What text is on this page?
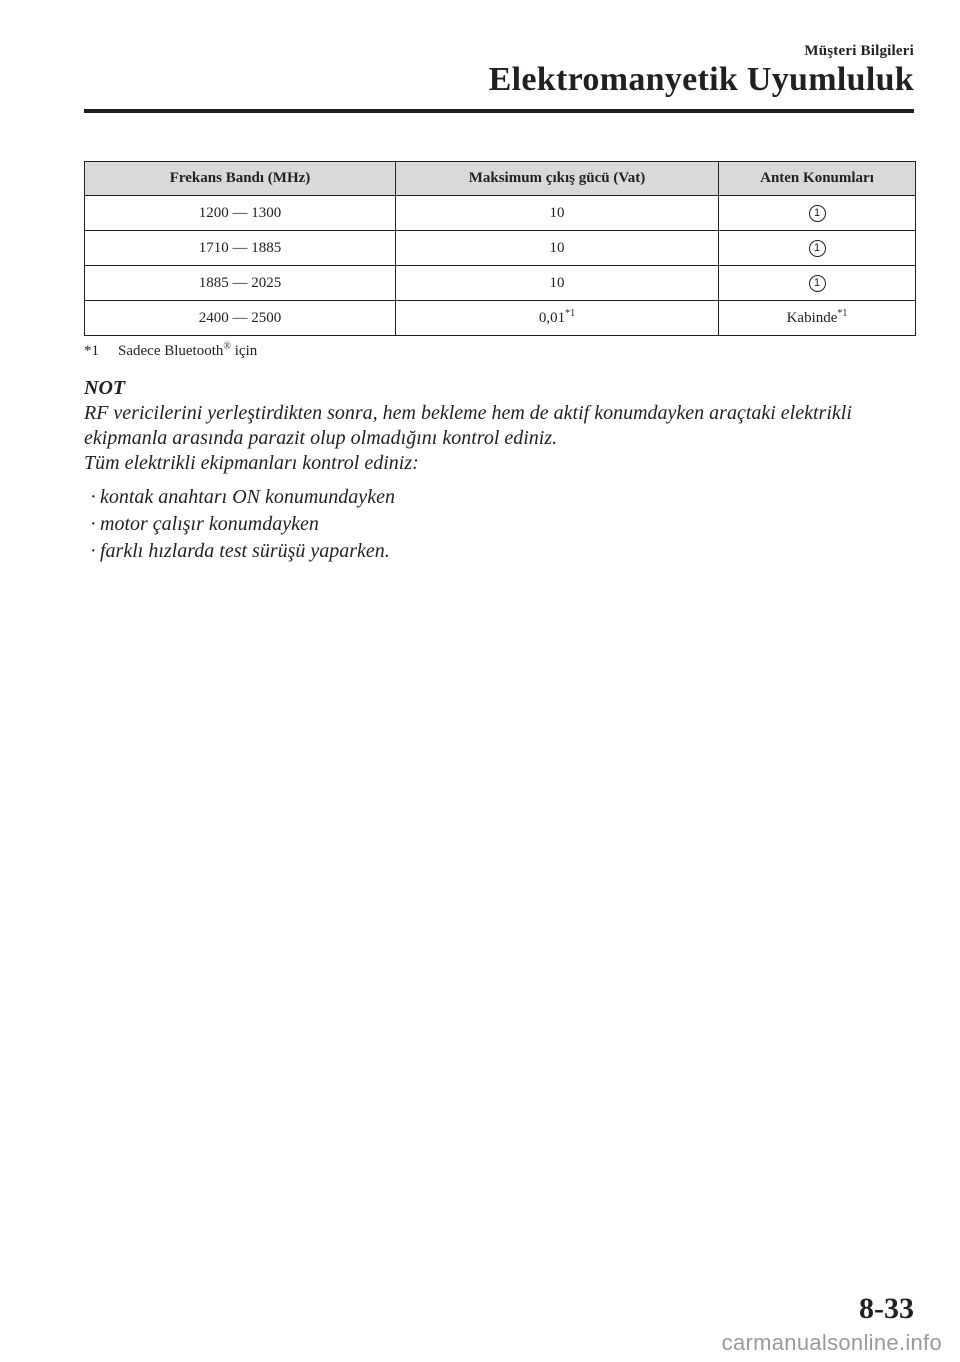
Müşteri Bilgileri
Elektromanyetik Uyumluluk
Frekans Bandı (MHz)	Maksimum çıkış gücü (Vat)	Anten Konumları
1200 — 1300	10	1
1710 — 1885	10	1
1885 — 2025	10	1
2400 — 2500	0,01$^{*1}$	Kabinde$^{*1}$
*1 Sadece Bluetooth® için
NOT

RF vericilerini yerleştirdikten sonra, hem bekleme hem de aktif konumdayken araçtaki elektrikli ekipmanla arasında parazit olup olmadığını kontrol ediniz.

Tüm elektrikli ekipmanları kontrol ediniz:

· kontak anahtarı ON konumundayken
· motor çalışır konumdayken
· farklı hızlarda test sürüşü yaparken.
8-33
carmanualsonline.info
